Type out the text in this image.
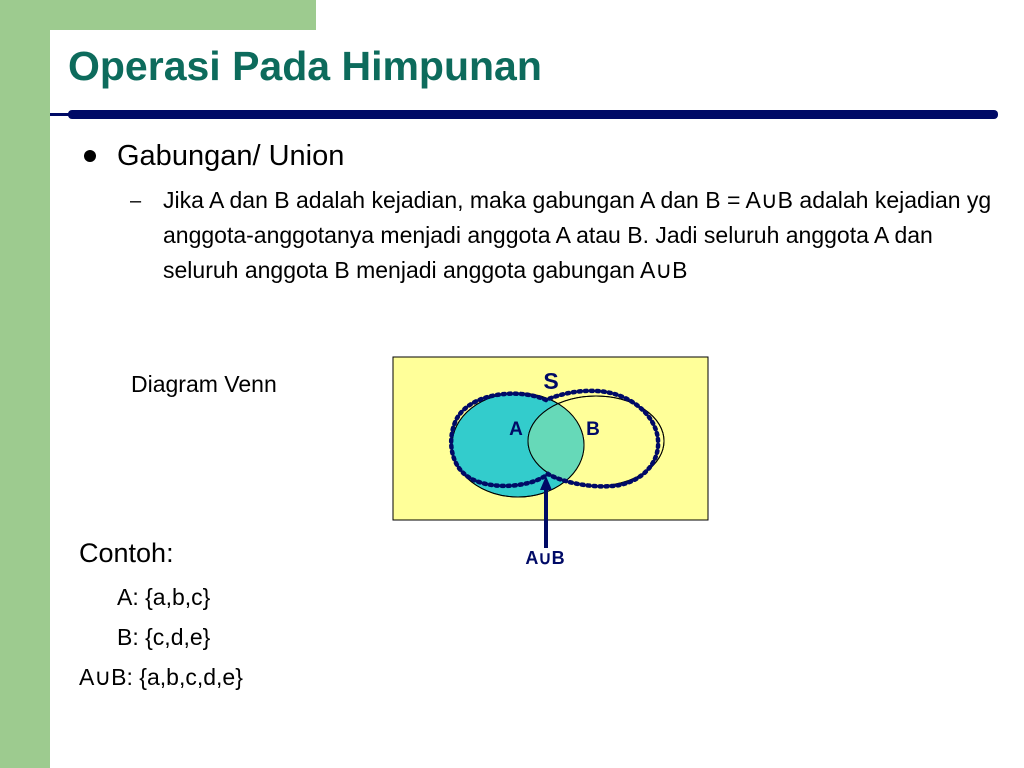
Operasi Pada Himpunan
Gabungan/ Union
– Jika A dan B adalah kejadian, maka gabungan A dan B = A∪B adalah kejadian yg anggota-anggotanya menjadi anggota A atau B. Jadi seluruh anggota A dan seluruh anggota B menjadi anggota gabungan A∪B
Diagram Venn	S
A	B
A∪B
Contoh:
A: {a,b,c}
B: {c,d,e}
A∪B: {a,b,c,d,e}
